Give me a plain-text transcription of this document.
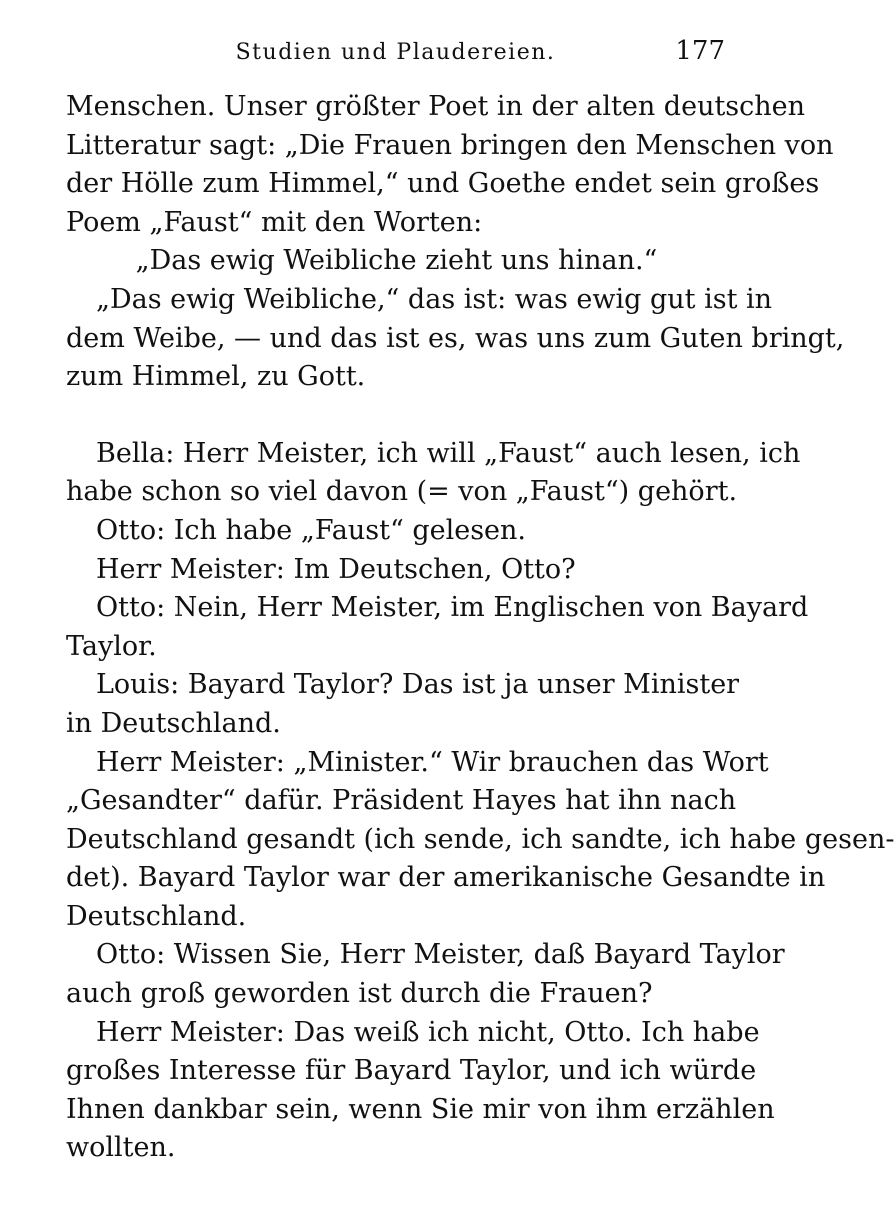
Studien und Plaudereien.	177
Menschen. Unser größter Poet in der alten deutschen
Litteratur sagt: „Die Frauen bringen den Menschen von
der Hölle zum Himmel,“ und Goethe endet sein großes
Poem „Faust“ mit den Worten:
„Das ewig Weibliche zieht uns hinan.“
„Das ewig Weibliche,“ das ist: was ewig gut ist in
dem Weibe, — und das ist es, was uns zum Guten bringt,
zum Himmel, zu Gott.
Bella: Herr Meister, ich will „Faust“ auch lesen, ich
habe schon so viel davon (= von „Faust“) gehört.
Otto: Ich habe „Faust“ gelesen.
Herr Meister: Im Deutschen, Otto?
Otto: Nein, Herr Meister, im Englischen von Bayard
Taylor.
Louis: Bayard Taylor? Das ist ja unser Minister
in Deutschland.
Herr Meister: „Minister.“ Wir brauchen das Wort
„Gesandter“ dafür. Präsident Hayes hat ihn nach
Deutschland gesandt (ich sende, ich sandte, ich habe gesen-
det). Bayard Taylor war der amerikanische Gesandte in
Deutschland.
Otto: Wissen Sie, Herr Meister, daß Bayard Taylor
auch groß geworden ist durch die Frauen?
Herr Meister: Das weiß ich nicht, Otto. Ich habe
großes Interesse für Bayard Taylor, und ich würde
Ihnen dankbar sein, wenn Sie mir von ihm erzählen
wollten.
